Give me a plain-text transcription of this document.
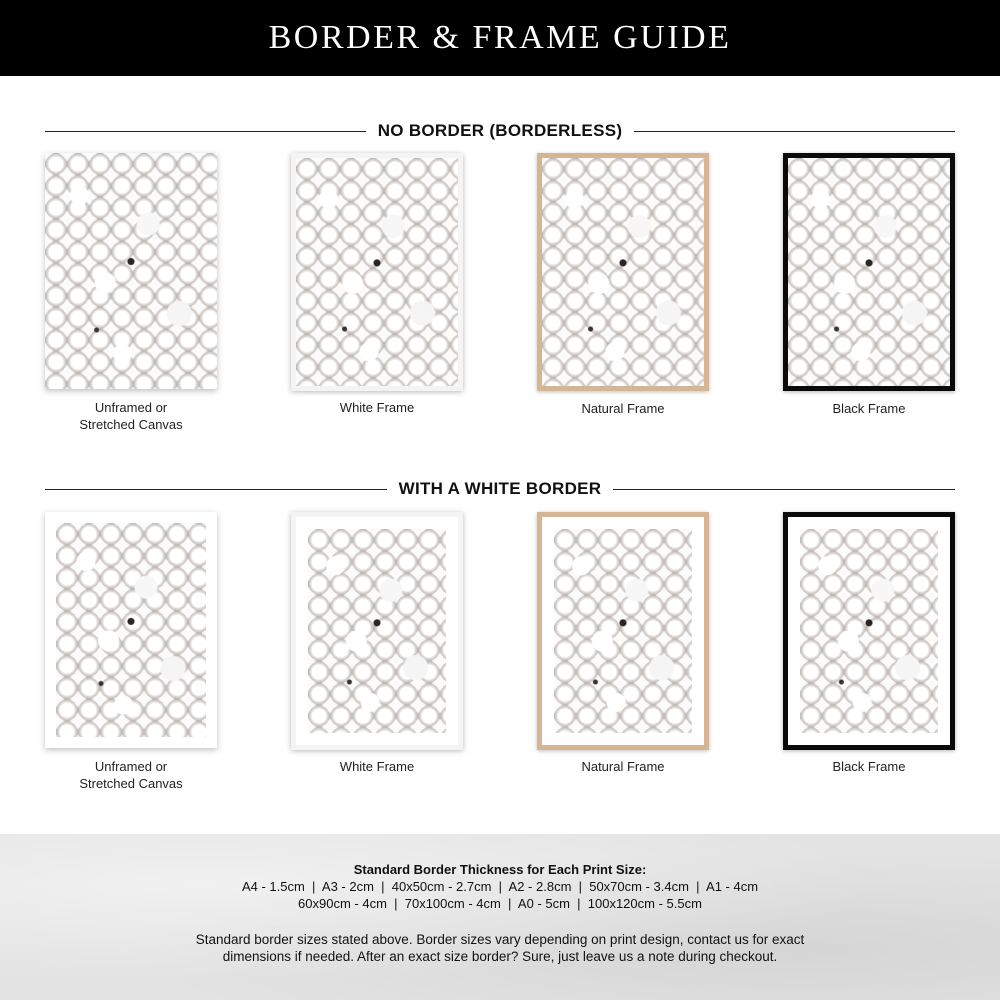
BORDER & FRAME GUIDE
NO BORDER (BORDERLESS)
Unframed or
Stretched Canvas
White Frame	Natural Frame	Black Frame
WITH A WHITE BORDER
Unframed or
Stretched Canvas
White Frame	Natural Frame	Black Frame
Standard Border Thickness for Each Print Size:
A4 - 1.5cm  |  A3 - 2cm  |  40x50cm - 2.7cm  |  A2 - 2.8cm  |  50x70cm - 3.4cm  |  A1 - 4cm
60x90cm - 4cm  |  70x100cm - 4cm  |  A0 - 5cm  |  100x120cm - 5.5cm
Standard border sizes stated above. Border sizes vary depending on print design, contact us for exact
dimensions if needed. After an exact size border? Sure, just leave us a note during checkout.
